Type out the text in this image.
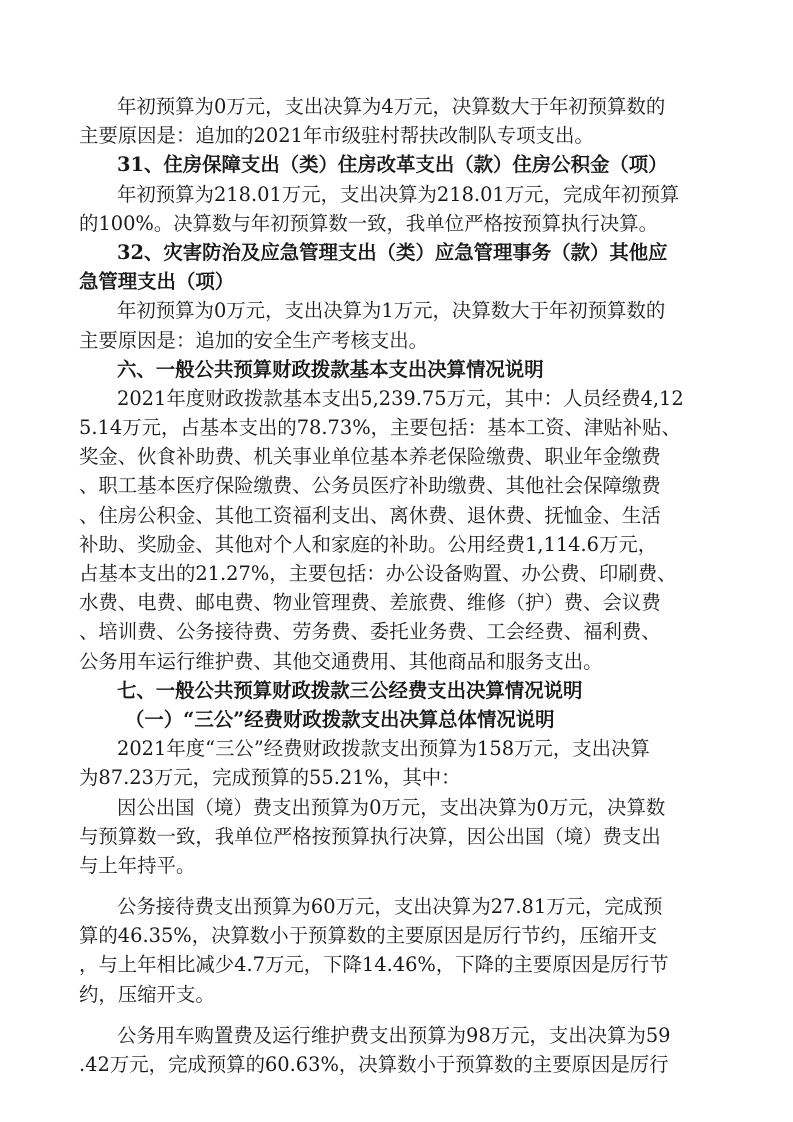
年初预算为0万元，支出决算为4万元，决算数大于年初预算数的
主要原因是：追加的2021年市级驻村帮扶改制队专项支出。
31、住房保障支出（类）住房改革支出（款）住房公积金（项）
年初预算为218.01万元，支出决算为218.01万元，完成年初预算
的100%。决算数与年初预算数一致，我单位严格按预算执行决算。
32、灾害防治及应急管理支出（类）应急管理事务（款）其他应
急管理支出（项）
年初预算为0万元，支出决算为1万元，决算数大于年初预算数的
主要原因是：追加的安全生产考核支出。
六、一般公共预算财政拨款基本支出决算情况说明
2021年度财政拨款基本支出5,239.75万元，其中：人员经费4,12
5.14万元，占基本支出的78.73%，主要包括：基本工资、津贴补贴、
奖金、伙食补助费、机关事业单位基本养老保险缴费、职业年金缴费
、职工基本医疗保险缴费、公务员医疗补助缴费、其他社会保障缴费
、住房公积金、其他工资福利支出、离休费、退休费、抚恤金、生活
补助、奖励金、其他对个人和家庭的补助。公用经费1,114.6万元，
占基本支出的21.27%，主要包括：办公设备购置、办公费、印刷费、
水费、电费、邮电费、物业管理费、差旅费、维修（护）费、会议费
、培训费、公务接待费、劳务费、委托业务费、工会经费、福利费、
公务用车运行维护费、其他交通费用、其他商品和服务支出。
七、一般公共预算财政拨款三公经费支出决算情况说明
（一）“三公”经费财政拨款支出决算总体情况说明
2021年度“三公”经费财政拨款支出预算为158万元，支出决算
为87.23万元，完成预算的55.21%，其中：
因公出国（境）费支出预算为0万元，支出决算为0万元，决算数
与预算数一致，我单位严格按预算执行决算，因公出国（境）费支出
与上年持平。
公务接待费支出预算为60万元，支出决算为27.81万元，完成预
算的46.35%，决算数小于预算数的主要原因是厉行节约，压缩开支
，与上年相比减少4.7万元，下降14.46%，下降的主要原因是厉行节
约，压缩开支。
公务用车购置费及运行维护费支出预算为98万元，支出决算为59
.42万元，完成预算的60.63%，决算数小于预算数的主要原因是厉行
